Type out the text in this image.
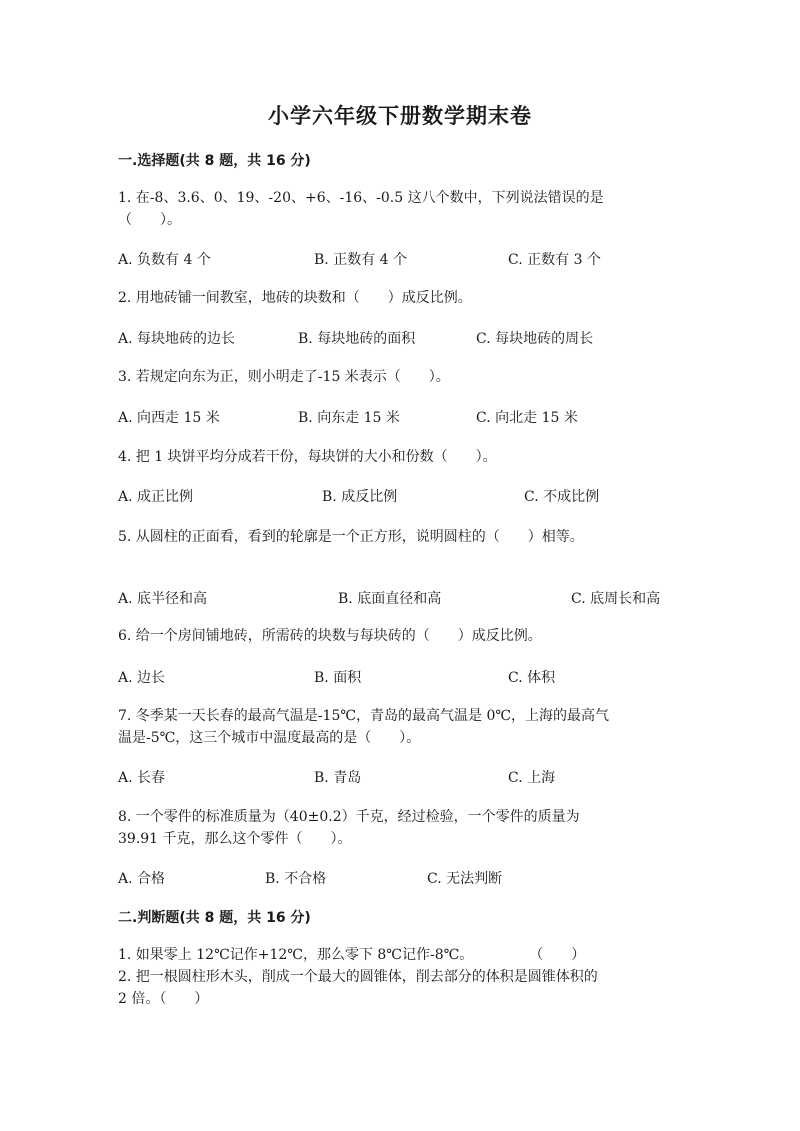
小学六年级下册数学期末卷
一.选择题(共 8 题，共 16 分)
1. 在-8、3.6、0、19、-20、+6、-16、-0.5 这八个数中，下列说法错误的是
（　　）。
A. 负数有 4 个	B. 正数有 4 个	C. 正数有 3 个
2. 用地砖铺一间教室，地砖的块数和（　　）成反比例。
A. 每块地砖的边长	B. 每块地砖的面积	C. 每块地砖的周长
3. 若规定向东为正，则小明走了-15 米表示（　　）。
A. 向西走 15 米	B. 向东走 15 米	C. 向北走 15 米
4. 把 1 块饼平均分成若干份，每块饼的大小和份数（　　）。
A. 成正比例	B. 成反比例	C. 不成比例
5. 从圆柱的正面看，看到的轮廓是一个正方形，说明圆柱的（　　）相等。
A. 底半径和高	B. 底面直径和高	C. 底周长和高
6. 给一个房间铺地砖，所需砖的块数与每块砖的（　　）成反比例。
A. 边长	B. 面积	C. 体积
7. 冬季某一天长春的最高气温是-15℃，青岛的最高气温是 0℃，上海的最高气
温是-5℃，这三个城市中温度最高的是（　　）。
A. 长春	B. 青岛	C. 上海
8. 一个零件的标准质量为（40±0.2）千克，经过检验，一个零件的质量为
39.91 千克，那么这个零件（　　）。
A. 合格	B. 不合格	C. 无法判断
二.判断题(共 8 题，共 16 分)
1. 如果零上 12℃记作+12℃，那么零下 8℃记作-8℃。　　　　　（　　）
2. 把一根圆柱形木头，削成一个最大的圆锥体，削去部分的体积是圆锥体积的
2 倍。（　　）
